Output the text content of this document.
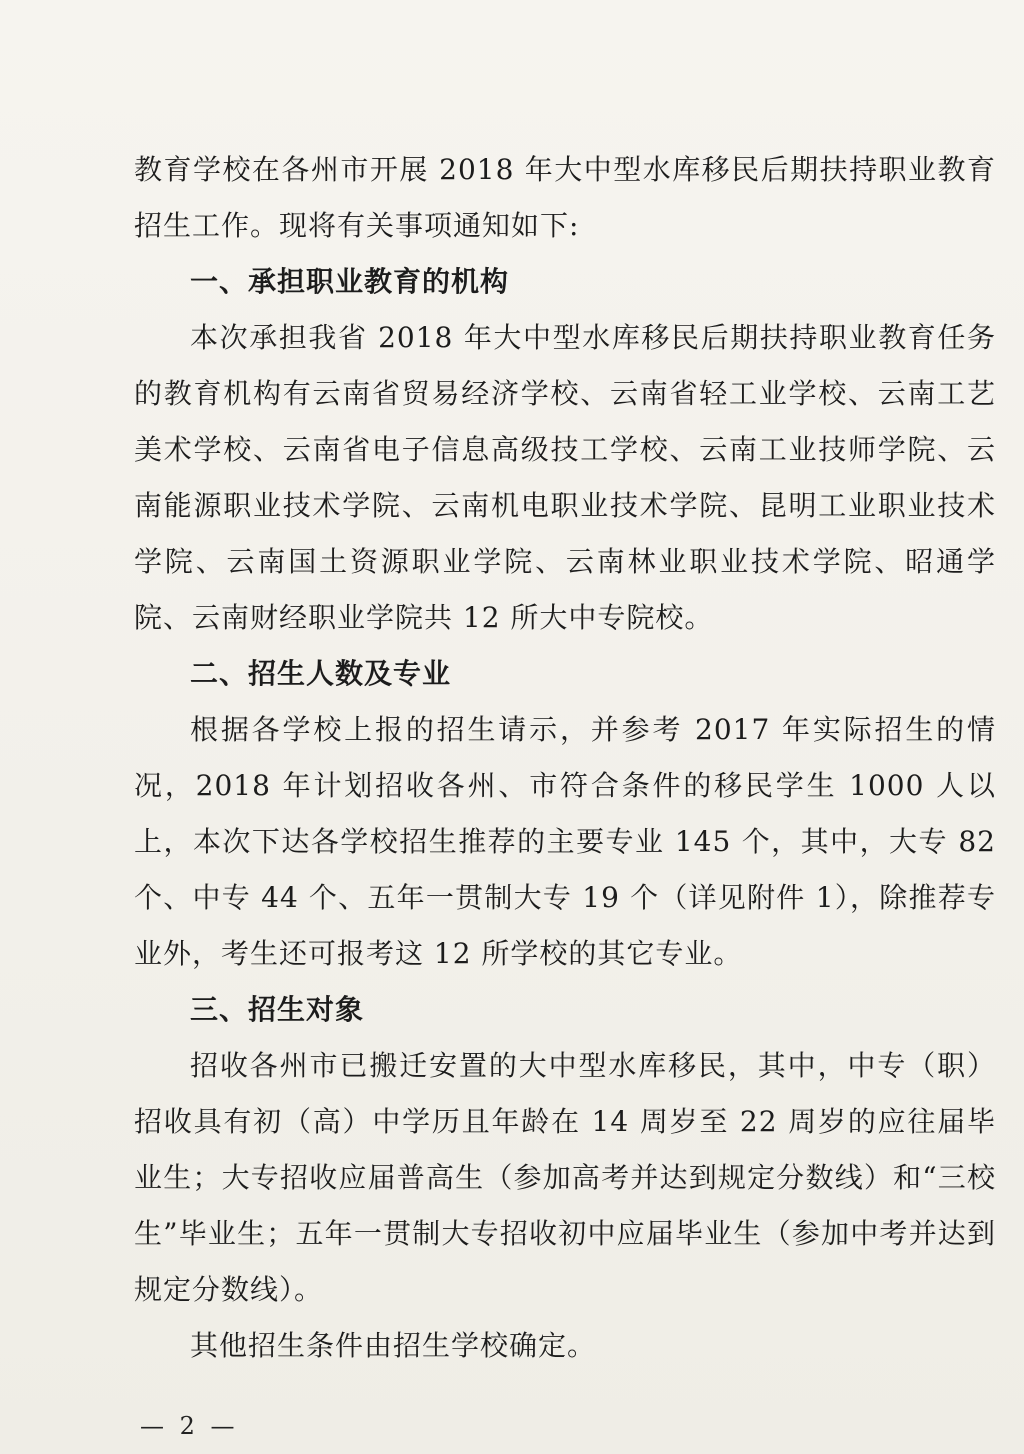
教育学校在各州市开展 2018 年大中型水库移民后期扶持职业教育招生工作。现将有关事项通知如下:

一、承担职业教育的机构

本次承担我省 2018 年大中型水库移民后期扶持职业教育任务的教育机构有云南省贸易经济学校、云南省轻工业学校、云南工艺美术学校、云南省电子信息高级技工学校、云南工业技师学院、云南能源职业技术学院、云南机电职业技术学院、昆明工业职业技术学院、云南国土资源职业学院、云南林业职业技术学院、昭通学院、云南财经职业学院共 12 所大中专院校。

二、招生人数及专业

根据各学校上报的招生请示，并参考 2017 年实际招生的情况，2018 年计划招收各州、市符合条件的移民学生 1000 人以上，本次下达各学校招生推荐的主要专业 145 个，其中，大专 82 个、中专 44 个、五年一贯制大专 19 个（详见附件 1），除推荐专业外，考生还可报考这 12 所学校的其它专业。

三、招生对象

招收各州市已搬迁安置的大中型水库移民，其中，中专（职）招收具有初（高）中学历且年龄在 14 周岁至 22 周岁的应往届毕业生；大专招收应届普高生（参加高考并达到规定分数线）和“三校生”毕业生；五年一贯制大专招收初中应届毕业生（参加中考并达到规定分数线）。

其他招生条件由招生学校确定。

— 2 —
